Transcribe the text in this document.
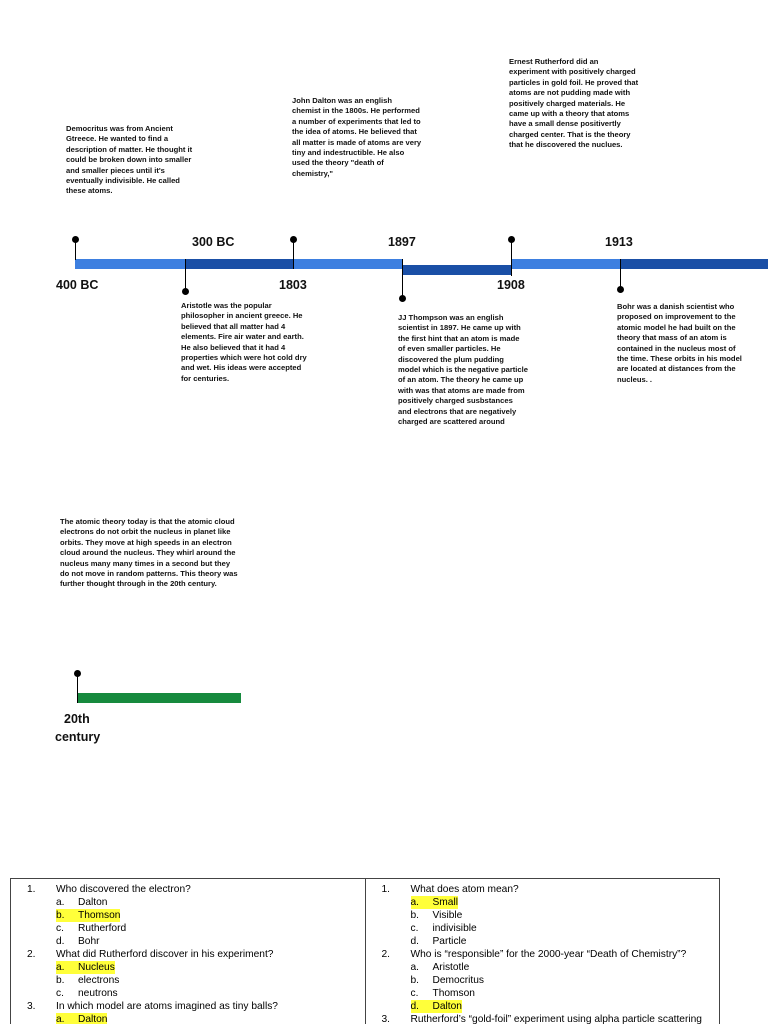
Democritus was from Ancient Gtreece. He wanted to find a description of matter. He thought it could be broken down into smaller and smaller pieces until it's eventually indivisible. He called these atoms.
John Dalton was an english chemist in the 1800s. He performed a number of experiments that led to the idea of atoms. He believed that all matter is made of atoms are very tiny and indestructible. He also used the theory "death of chemistry,"
Ernest Rutherford did an experiment with positively charged particles in gold foil. He proved that atoms are not pudding made with positively charged materials. He came up with a theory that atoms have a small dense positivertly charged center. That is the theory that he discovered the nuclues.
Aristotle was the popular philosopher in ancient greece. He believed that all matter had 4 elements. Fire air water and earth. He also believed that it had 4 properties which were hot cold dry and wet. His ideas were accepted for centuries.
JJ Thompson was an english scientist in 1897. He came up with the first hint that an atom is made of even smaller particles. He discovered the plum pudding model which is the negative particle of an atom. The theory he came up with was that atoms are made from positively charged susbstances and electrons that are negatively charged are scattered around
Bohr was a danish scientist who proposed on improvement to the atomic model he had built on the theory that mass of an atom is contained in the nucleus most of the time. These orbits in his model are located at distances from the nucleus. .
The atomic theory today is that the atomic cloud electrons do not orbit the nucleus in planet like orbits. They move at high speeds in an electron cloud around the nucleus. They whirl around the nucleus many many times in a second but they do not move in random patterns. This theory was further thought through in the 20th century.
400 BC
300 BC
1803
1897
1908
1913
20th
century
1.	Who discovered the electron?
a.	Dalton
b.	Thomson
c.	Rutherford
d.	Bohr
2.	What did Rutherford discover in his experiment?
a.	Nucleus
b.	electrons
c.	neutrons
3.	In which model are atoms imagined as tiny balls?
a.	Dalton
1.	What does atom mean?
a.	Small
b.	Visible
c.	indivisible
d.	Particle
2.	Who is “responsible” for the 2000-year “Death of Chemistry”?
a.	Aristotle
b.	Democritus
c.	Thomson
d.	Dalton
3.	Rutherford’s “gold-foil” experiment using alpha particle scattering
